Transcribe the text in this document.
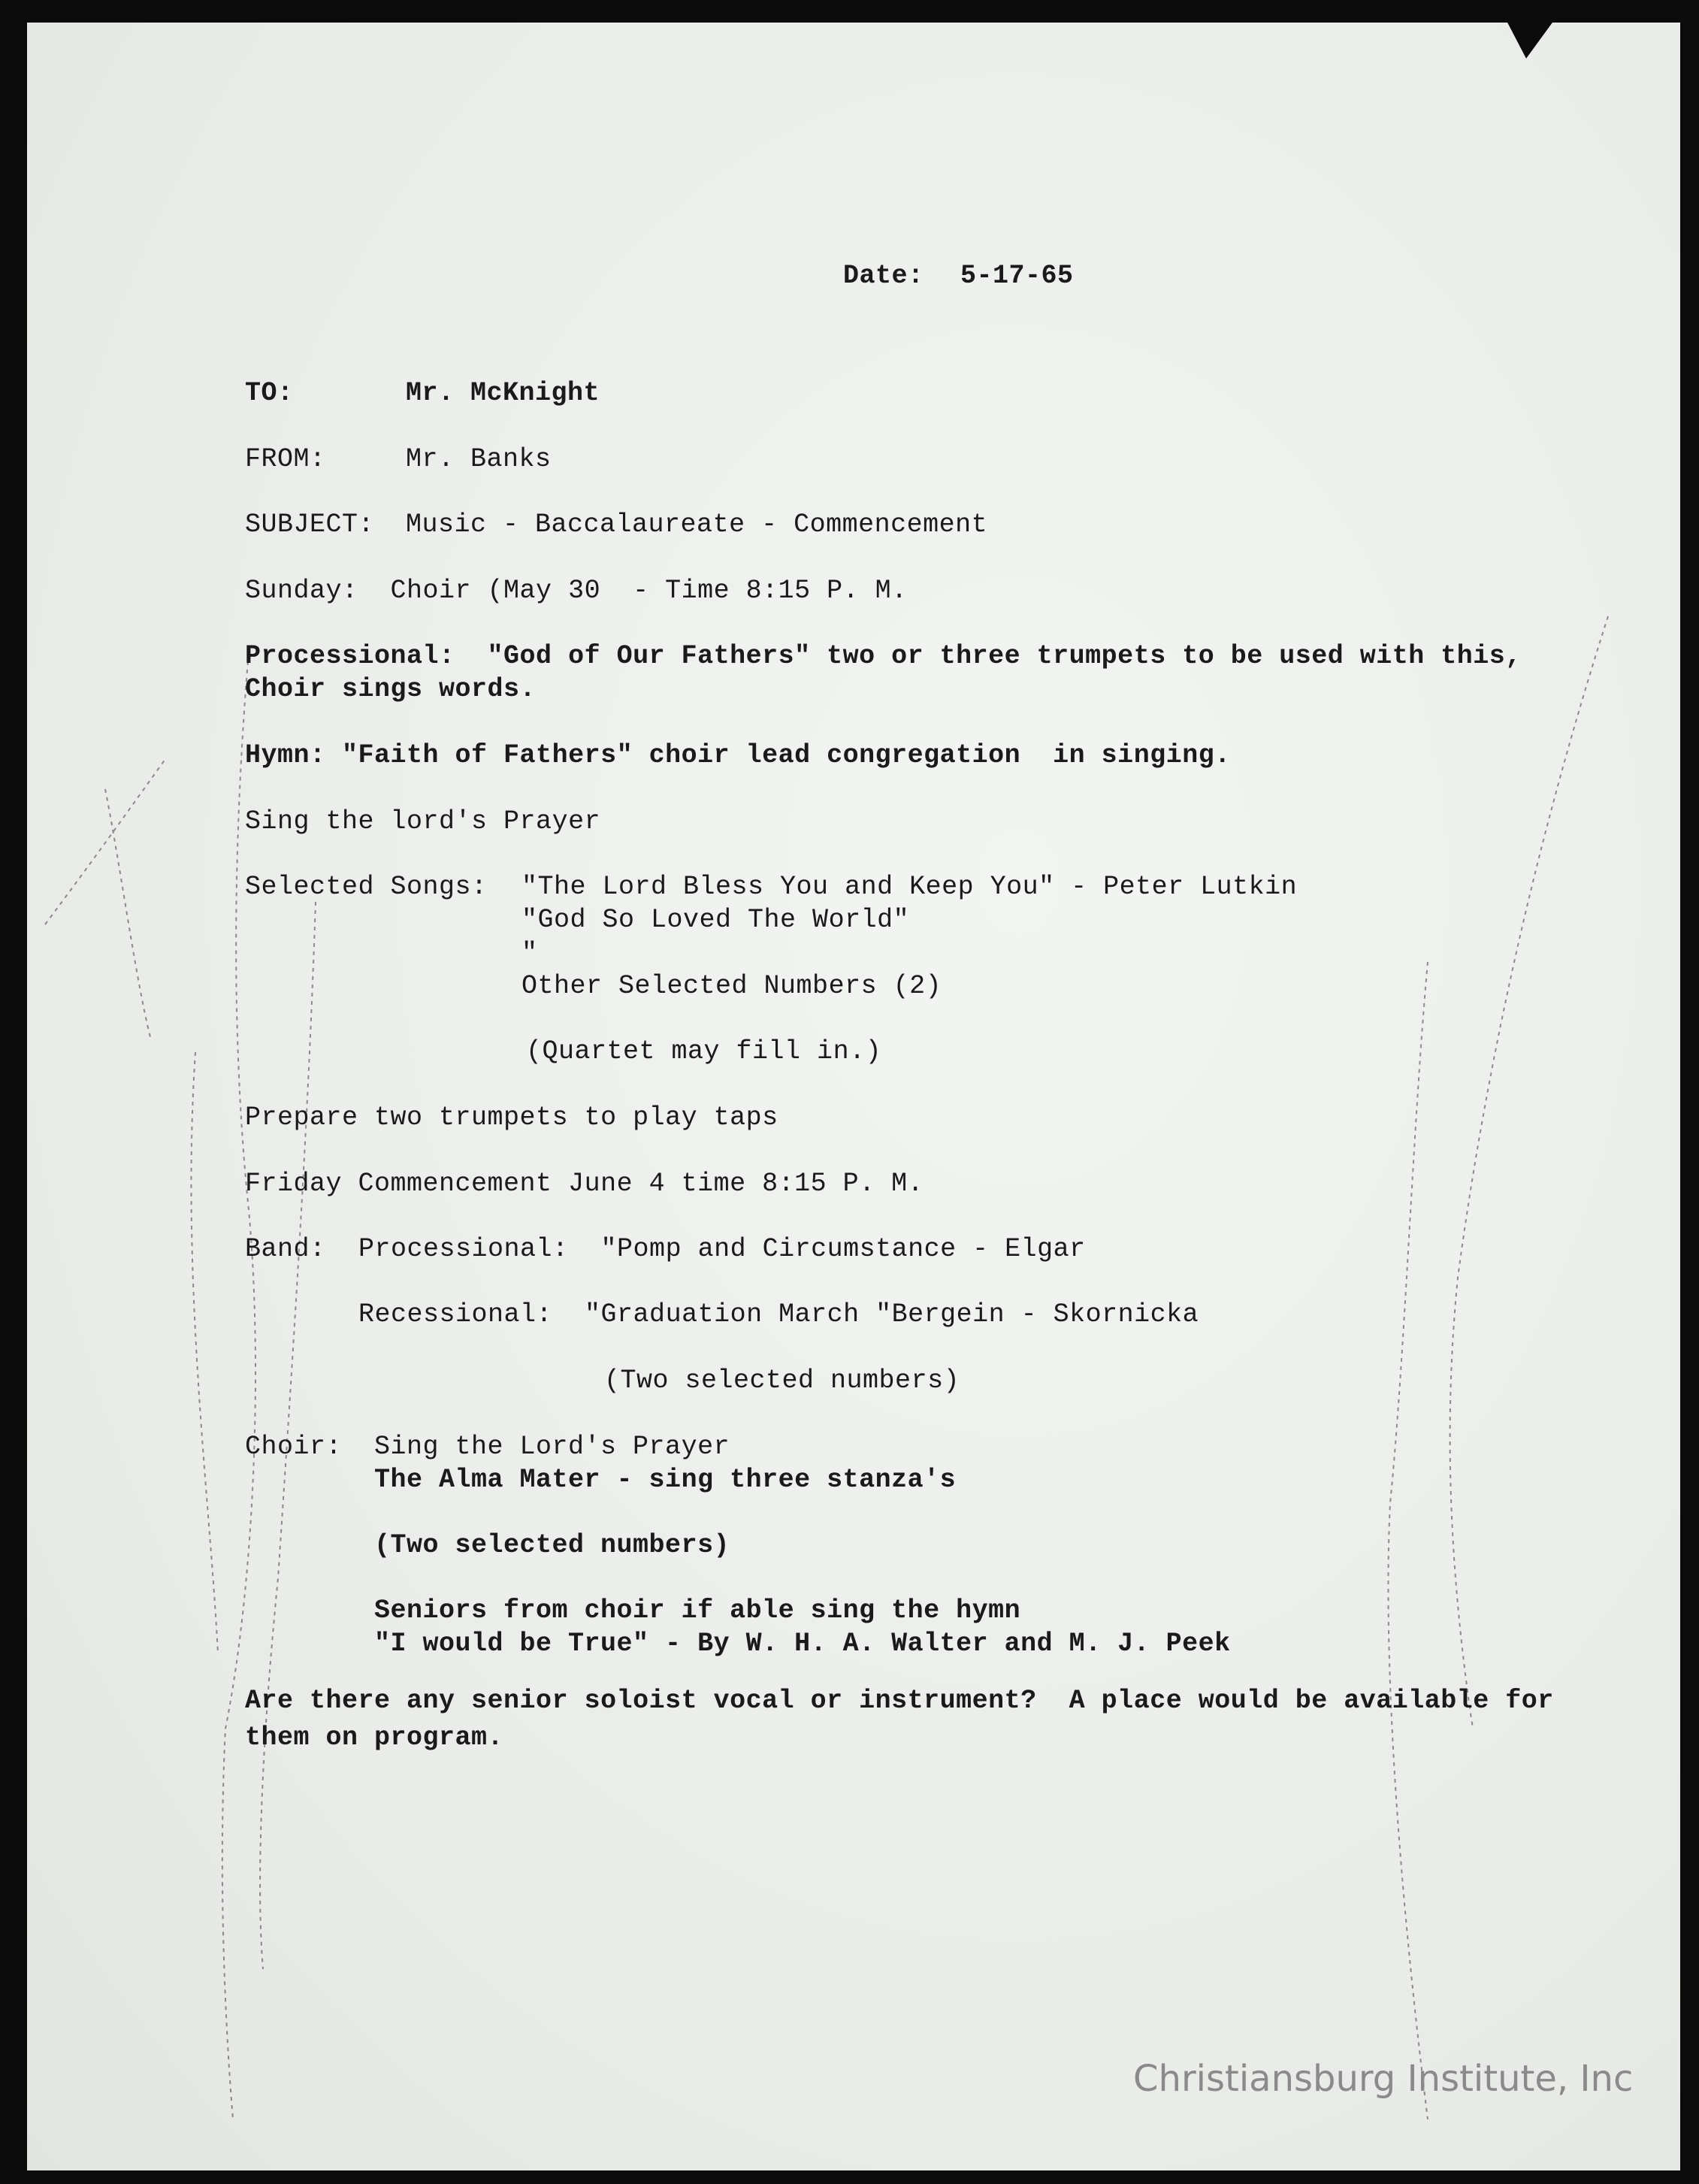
Date: 5-17-65
TO:	Mr. McKnight
FROM:	Mr. Banks
SUBJECT: Music - Baccalaureate - Commencement
Sunday:  Choir (May 30  - Time 8:15 P. M.
Processional:  "God of Our Fathers" two or three trumpets to be used with this,
Choir sings words.
Hymn: "Faith of Fathers" choir lead congregation  in singing.
Sing the lord's Prayer
Selected Songs: "The Lord Bless You and Keep You" - Peter Lutkin
"God So Loved The World"
"
Other Selected Numbers (2)
(Quartet may fill in.)
Prepare two trumpets to play taps
Friday Commencement June 4 time 8:15 P. M.
Band: Processional:  "Pomp and Circumstance - Elgar
Recessional:  "Graduation March "Bergein - Skornicka
(Two selected numbers)
Choir: Sing the Lord's Prayer
The Alma Mater - sing three stanza's
(Two selected numbers)
Seniors from choir if able sing the hymn
"I would be True" - By W. H. A. Walter and M. J. Peek
Are there any senior soloist vocal or instrument?  A place would be available for
them on program.
Christiansburg Institute, Inc
